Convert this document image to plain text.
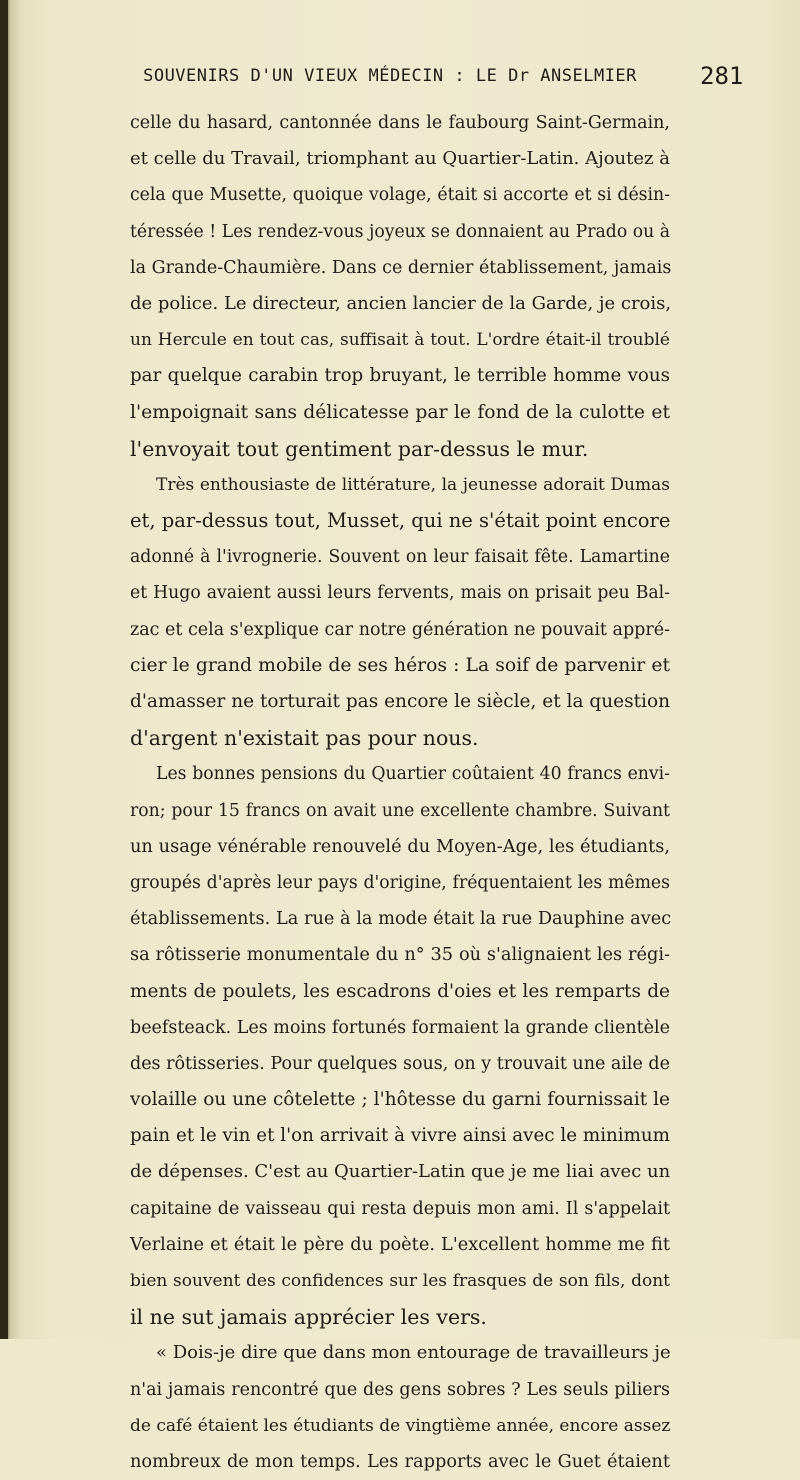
SOUVENIRS D'UN VIEUX MÉDECIN : LE Dr ANSELMIER	281
celle du hasard, cantonnée dans le faubourg Saint-Germain,
et celle du Travail, triomphant au Quartier-Latin. Ajoutez à
cela que Musette, quoique volage, était si accorte et si désin-
téressée ! Les rendez-vous joyeux se donnaient au Prado ou à
la Grande-Chaumière. Dans ce dernier établissement, jamais
de police. Le directeur, ancien lancier de la Garde, je crois,
un Hercule en tout cas, suffisait à tout. L'ordre était-il troublé
par quelque carabin trop bruyant, le terrible homme vous
l'empoignait sans délicatesse par le fond de la culotte et
l'envoyait tout gentiment par-dessus le mur.
Très enthousiaste de littérature, la jeunesse adorait Dumas
et, par-dessus tout, Musset, qui ne s'était point encore
adonné à l'ivrognerie. Souvent on leur faisait fête. Lamartine
et Hugo avaient aussi leurs fervents, mais on prisait peu Bal-
zac et cela s'explique car notre génération ne pouvait appré-
cier le grand mobile de ses héros : La soif de parvenir et
d'amasser ne torturait pas encore le siècle, et la question
d'argent n'existait pas pour nous.
Les bonnes pensions du Quartier coûtaient 40 francs envi-
ron; pour 15 francs on avait une excellente chambre. Suivant
un usage vénérable renouvelé du Moyen-Age, les étudiants,
groupés d'après leur pays d'origine, fréquentaient les mêmes
établissements. La rue à la mode était la rue Dauphine avec
sa rôtisserie monumentale du n° 35 où s'alignaient les régi-
ments de poulets, les escadrons d'oies et les remparts de
beefsteack. Les moins fortunés formaient la grande clientèle
des rôtisseries. Pour quelques sous, on y trouvait une aile de
volaille ou une côtelette ; l'hôtesse du garni fournissait le
pain et le vin et l'on arrivait à vivre ainsi avec le minimum
de dépenses. C'est au Quartier-Latin que je me liai avec un
capitaine de vaisseau qui resta depuis mon ami. Il s'appelait
Verlaine et était le père du poète. L'excellent homme me fit
bien souvent des confidences sur les frasques de son fils, dont
il ne sut jamais apprécier les vers.
« Dois-je dire que dans mon entourage de travailleurs je
n'ai jamais rencontré que des gens sobres ? Les seuls piliers
de café étaient les étudiants de vingtième année, encore assez
nombreux de mon temps. Les rapports avec le Guet étaient
